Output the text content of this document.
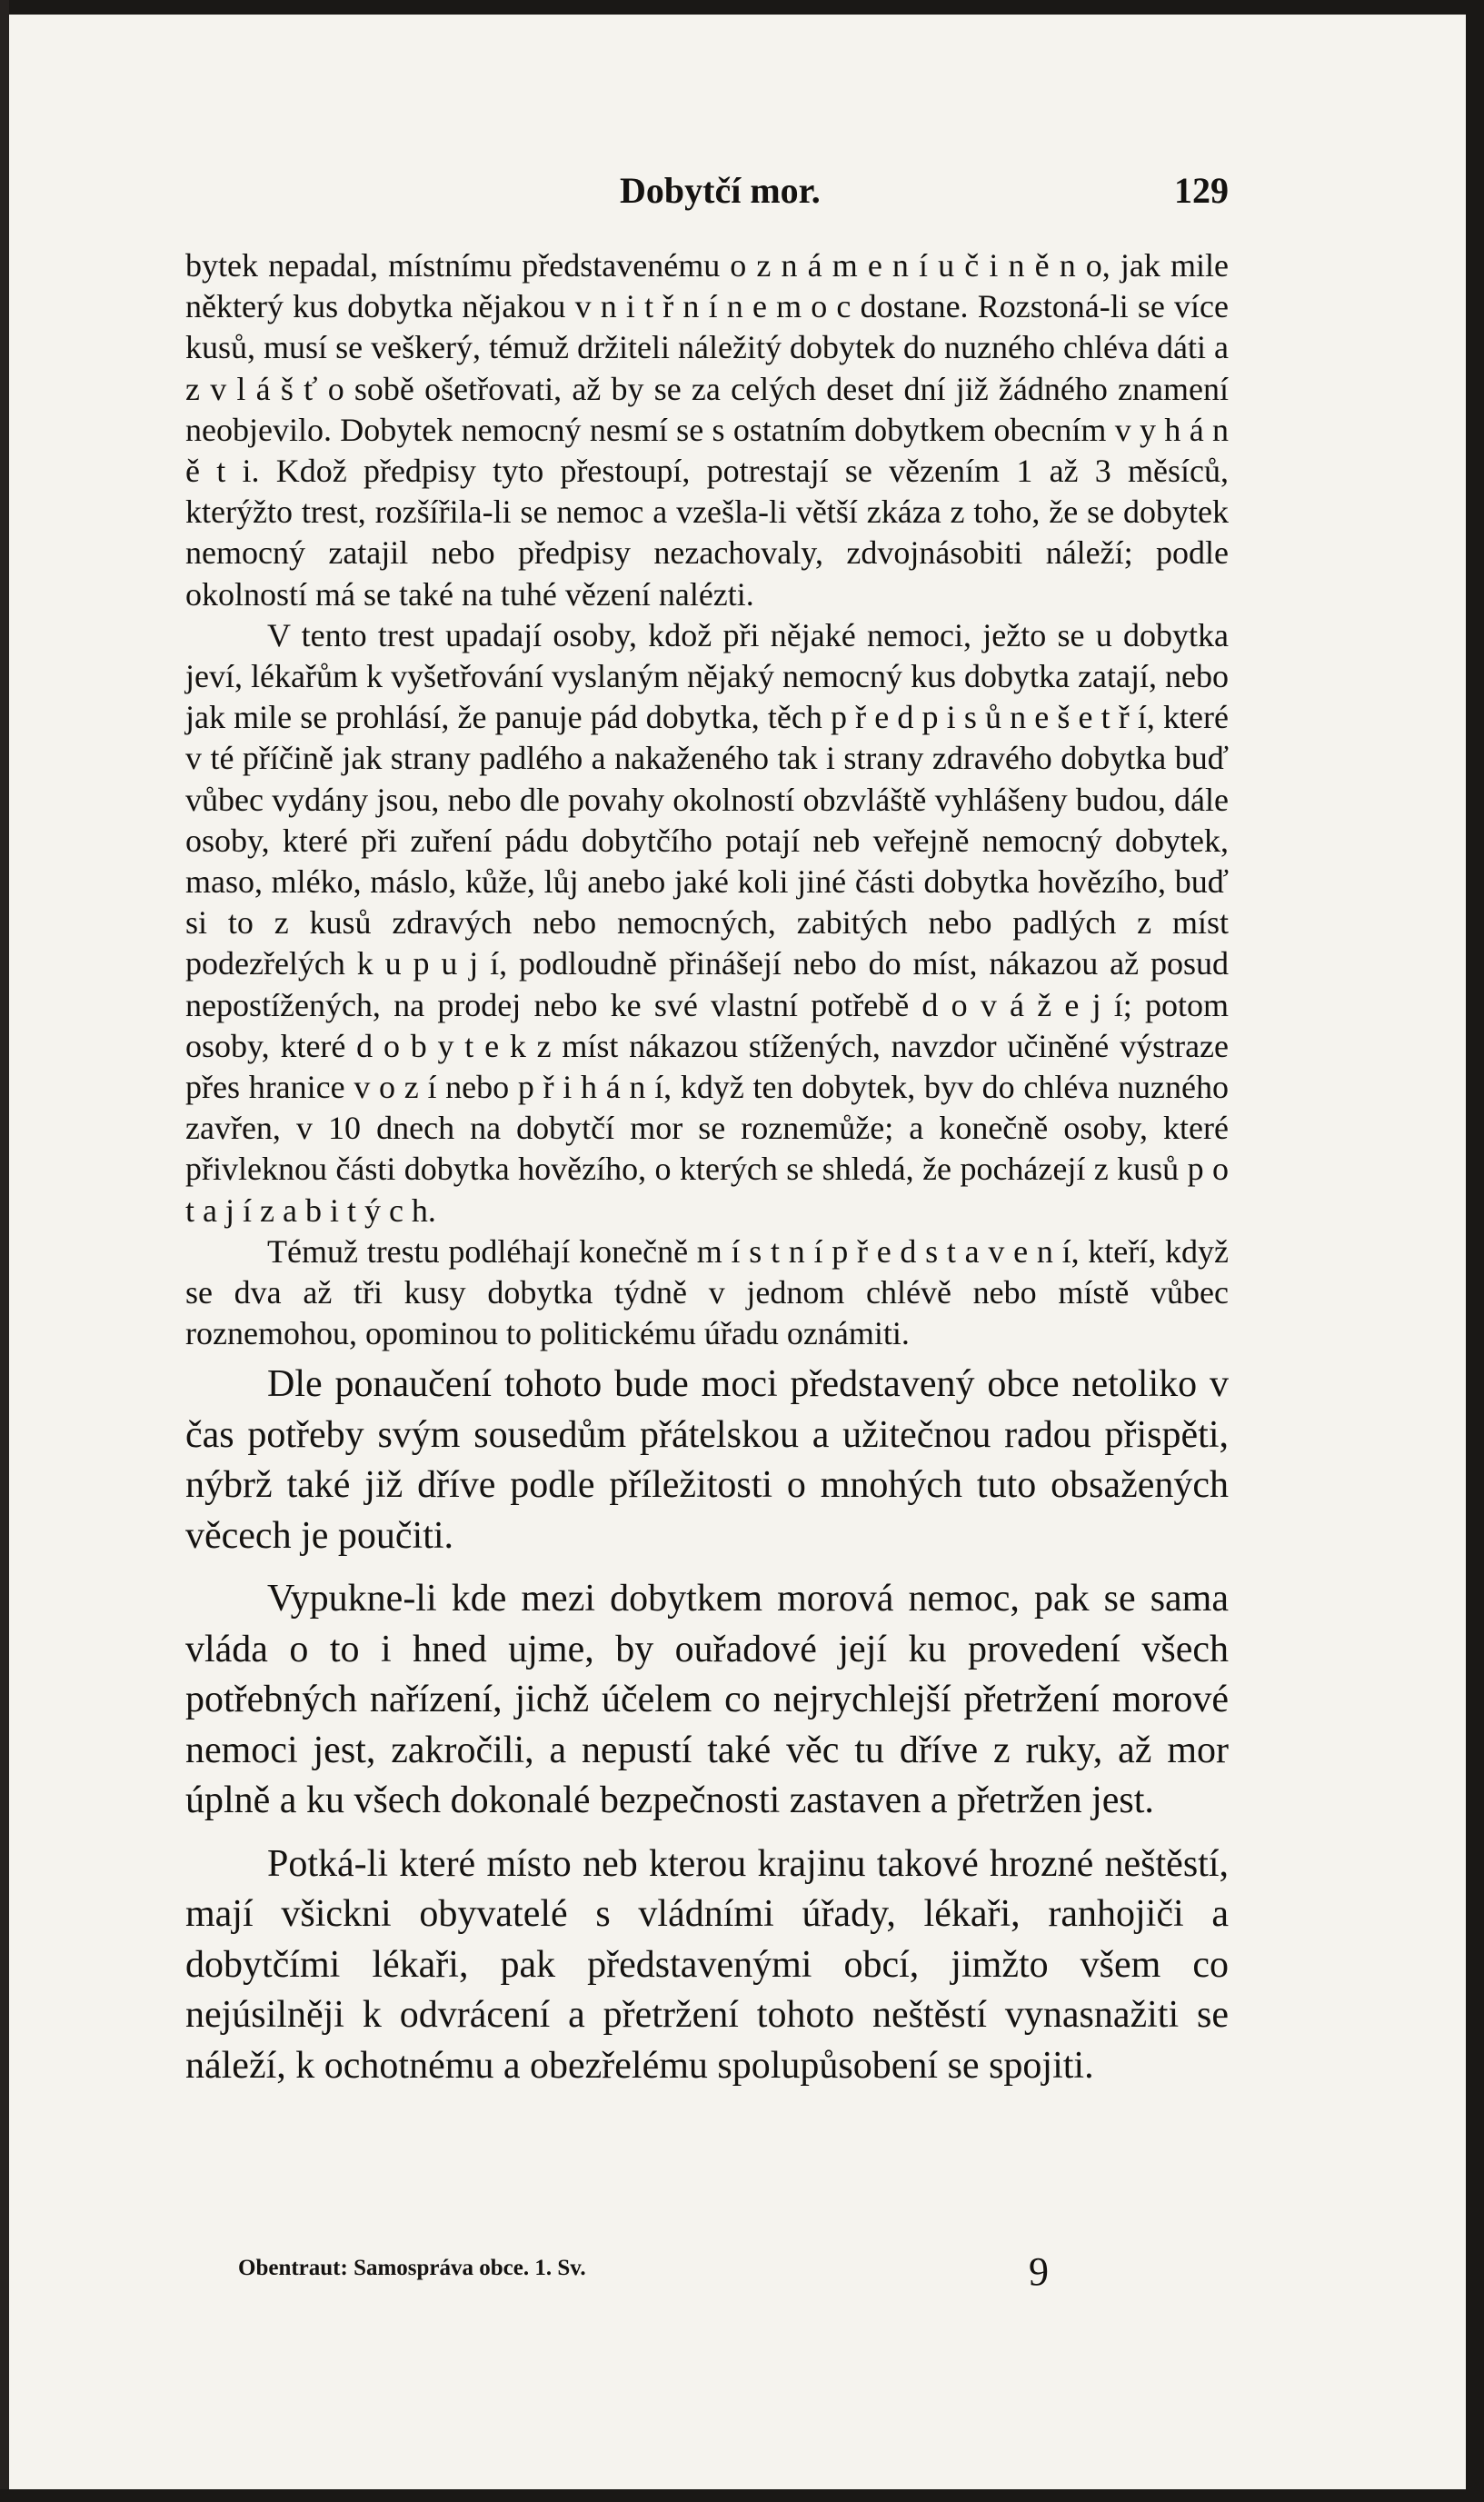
Dobytčí mor.	129

bytek nepadal, místnímu představenému o z n á m e n í u č i n ě n o, jak mile některý kus dobytka nějakou v n i t ř n í n e m o c dostane. Rozstoná-li se více kusů, musí se veškerý, témuž držiteli náležitý dobytek do nuzného chléva dáti a z v l á š ť o sobě ošetřovati, až by se za celých deset dní již žádného znamení neobjevilo. Dobytek nemocný nesmí se s ostatním dobytkem obecním v y h á n ě t i. Kdož předpisy tyto přestoupí, potrestají se vězením 1 až 3 měsíců, kterýžto trest, rozšířila-li se nemoc a vzešla-li větší zkáza z toho, že se dobytek nemocný zatajil nebo předpisy nezachovaly, zdvojnásobiti náleží; podle okolností má se také na tuhé vězení nalézti.

V tento trest upadají osoby, kdož při nějaké nemoci, ježto se u dobytka jeví, lékařům k vyšetřování vyslaným nějaký nemocný kus dobytka zatají, nebo jak mile se prohlásí, že panuje pád dobytka, těch p ř e d p i s ů n e š e t ř í, které v té příčině jak strany padlého a nakaženého tak i strany zdravého dobytka buď vůbec vydány jsou, nebo dle povahy okolností obzvláště vyhlášeny budou, dále osoby, které při zuření pádu dobytčího potají neb veřejně nemocný dobytek, maso, mléko, máslo, kůže, lůj anebo jaké koli jiné části dobytka hovězího, buď si to z kusů zdravých nebo nemocných, zabitých nebo padlých z míst podezřelých k u p u j í, podloudně přinášejí nebo do míst, nákazou až posud nepostížených, na prodej nebo ke své vlastní potřebě d o v á ž e j í; potom osoby, které d o b y t e k z míst nákazou stížených, navzdor učiněné výstraze přes hranice v o z í nebo p ř i h á n í, když ten dobytek, byv do chléva nuzného zavřen, v 10 dnech na dobytčí mor se roznemůže; a konečně osoby, které přivleknou části dobytka hovězího, o kterých se shledá, že pocházejí z kusů p o t a j í z a b i t ý c h.

Témuž trestu podléhají konečně m í s t n í p ř e d s t a v e n í, kteří, když se dva až tři kusy dobytka týdně v jednom chlévě nebo místě vůbec roznemohou, opominou to politickému úřadu oznámiti.

Dle ponaučení tohoto bude moci představený obce netoliko v čas potřeby svým sousedům přátelskou a užitečnou radou přispěti, nýbrž také již dříve podle příležitosti o mnohých tuto obsažených věcech je poučiti.

Vypukne-li kde mezi dobytkem morová nemoc, pak se sama vláda o to i hned ujme, by ouřadové její ku provedení všech potřebných nařízení, jichž účelem co nejrychlejší přetržení morové nemoci jest, zakročili, a nepustí také věc tu dříve z ruky, až mor úplně a ku všech dokonalé bezpečnosti zastaven a přetržen jest.

Potká-li které místo neb kterou krajinu takové hrozné neštěstí, mají všickni obyvatelé s vládními úřady, lékaři, ranhojiči a dobytčími lékaři, pak představenými obcí, jimžto všem co nejúsilněji k odvrácení a přetržení tohoto neštěstí vynasnažiti se náleží, k ochotnému a obezřelému spolupůsobení se spojiti.

Obentraut: Samospráva obce. 1. Sv.	9
